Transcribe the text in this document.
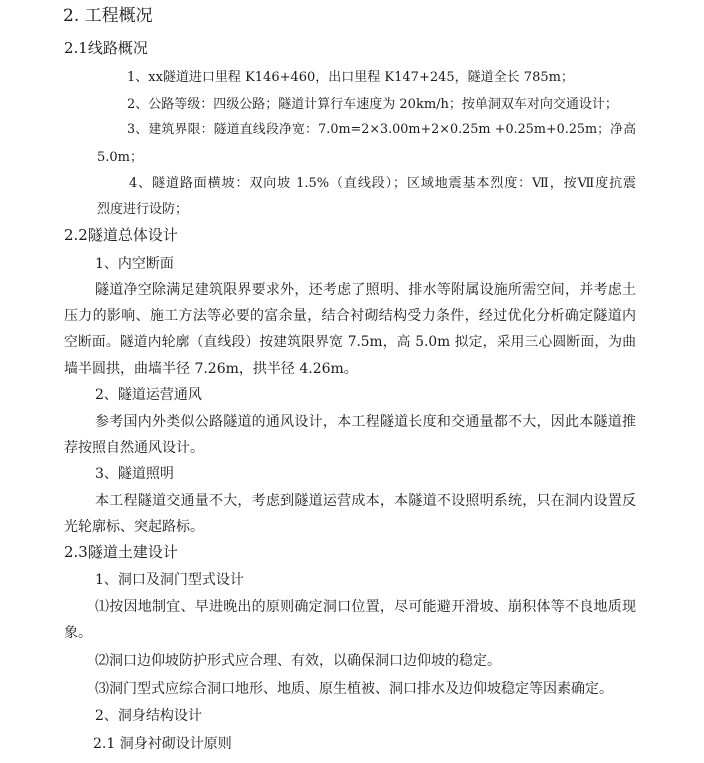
2. 工程概况
2.1线路概况
1、xx隧道进口里程 K146+460，出口里程 K147+245，隧道全长 785m；
2、公路等级：四级公路；隧道计算行车速度为 20km/h；按单洞双车对向交通设计；
3、建筑界限：隧道直线段净宽：7.0m=2×3.00m+2×0.25m +0.25m+0.25m；净高
5.0m；
4、隧道路面横坡：双向坡 1.5%（直线段）；区域地震基本烈度：Ⅶ，按Ⅶ度抗震
烈度进行设防；
2.2隧道总体设计
1、内空断面
隧道净空除满足建筑限界要求外，还考虑了照明、排水等附属设施所需空间，并考虑土
压力的影响、施工方法等必要的富余量，结合衬砌结构受力条件，经过优化分析确定隧道内
空断面。隧道内轮廓（直线段）按建筑限界宽 7.5m，高 5.0m 拟定，采用三心圆断面，为曲
墙半圆拱，曲墙半径 7.26m，拱半径 4.26m。
2、隧道运营通风
参考国内外类似公路隧道的通风设计，本工程隧道长度和交通量都不大，因此本隧道推
荐按照自然通风设计。
3、隧道照明
本工程隧道交通量不大，考虑到隧道运营成本，本隧道不设照明系统，只在洞内设置反
光轮廓标、突起路标。
2.3隧道土建设计
1、洞口及洞门型式设计
⑴按因地制宜、早进晚出的原则确定洞口位置，尽可能避开滑坡、崩积体等不良地质现
象。
⑵洞口边仰坡防护形式应合理、有效，以确保洞口边仰坡的稳定。
⑶洞门型式应综合洞口地形、地质、原生植被、洞口排水及边仰坡稳定等因素确定。
2、洞身结构设计
2.1 洞身衬砌设计原则
